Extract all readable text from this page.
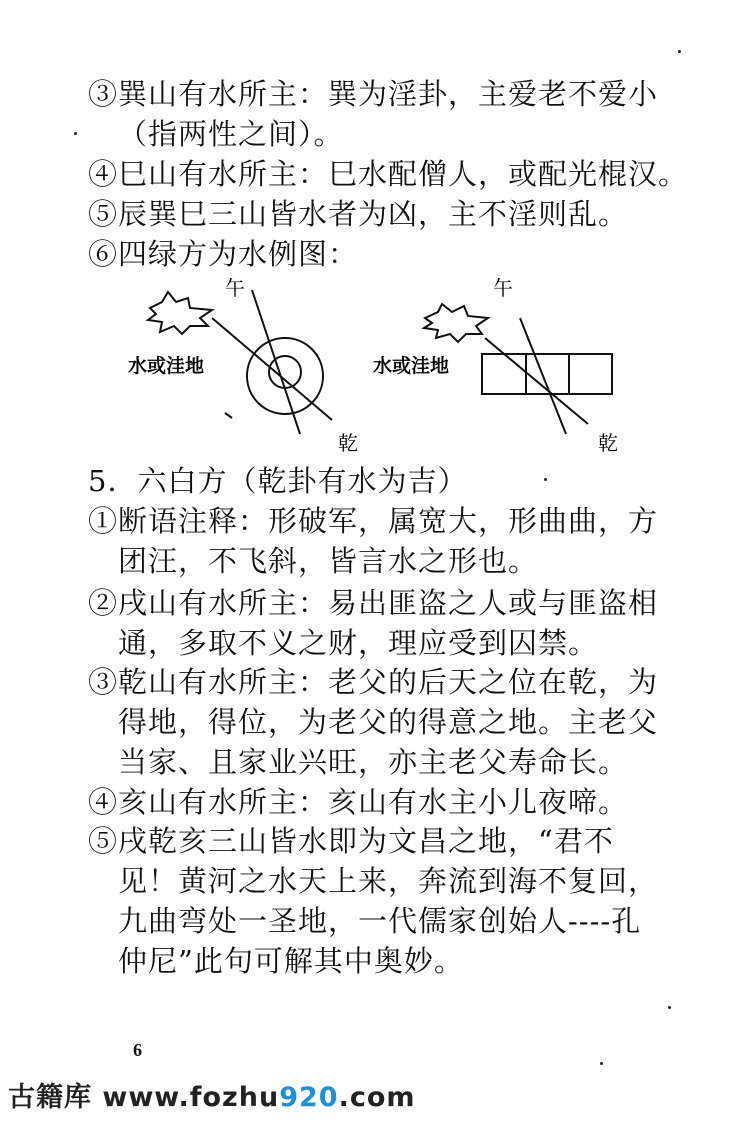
③巽山有水所主：巽为淫卦，主爱老不爱小
（指两性之间）。
④巳山有水所主：巳水配僧人，或配光棍汉。
⑤辰巽巳三山皆水者为凶，主不淫则乱。
⑥四绿方为水例图：
午
水或洼地
乾
午
水或洼地
乾
5．六白方（乾卦有水为吉）
①断语注释：形破军，属宽大，形曲曲，方
团汪，不飞斜，皆言水之形也。
②戌山有水所主：易出匪盗之人或与匪盗相
通，多取不义之财，理应受到囚禁。
③乾山有水所主：老父的后天之位在乾，为
得地，得位，为老父的得意之地。主老父
当家、且家业兴旺，亦主老父寿命长。
④亥山有水所主：亥山有水主小儿夜啼。
⑤戌乾亥三山皆水即为文昌之地，“君不
见！黄河之水天上来，奔流到海不复回，
九曲弯处一圣地，一代儒家创始人----孔
仲尼”此句可解其中奥妙。
6
古籍库 www.fozhu920.com
